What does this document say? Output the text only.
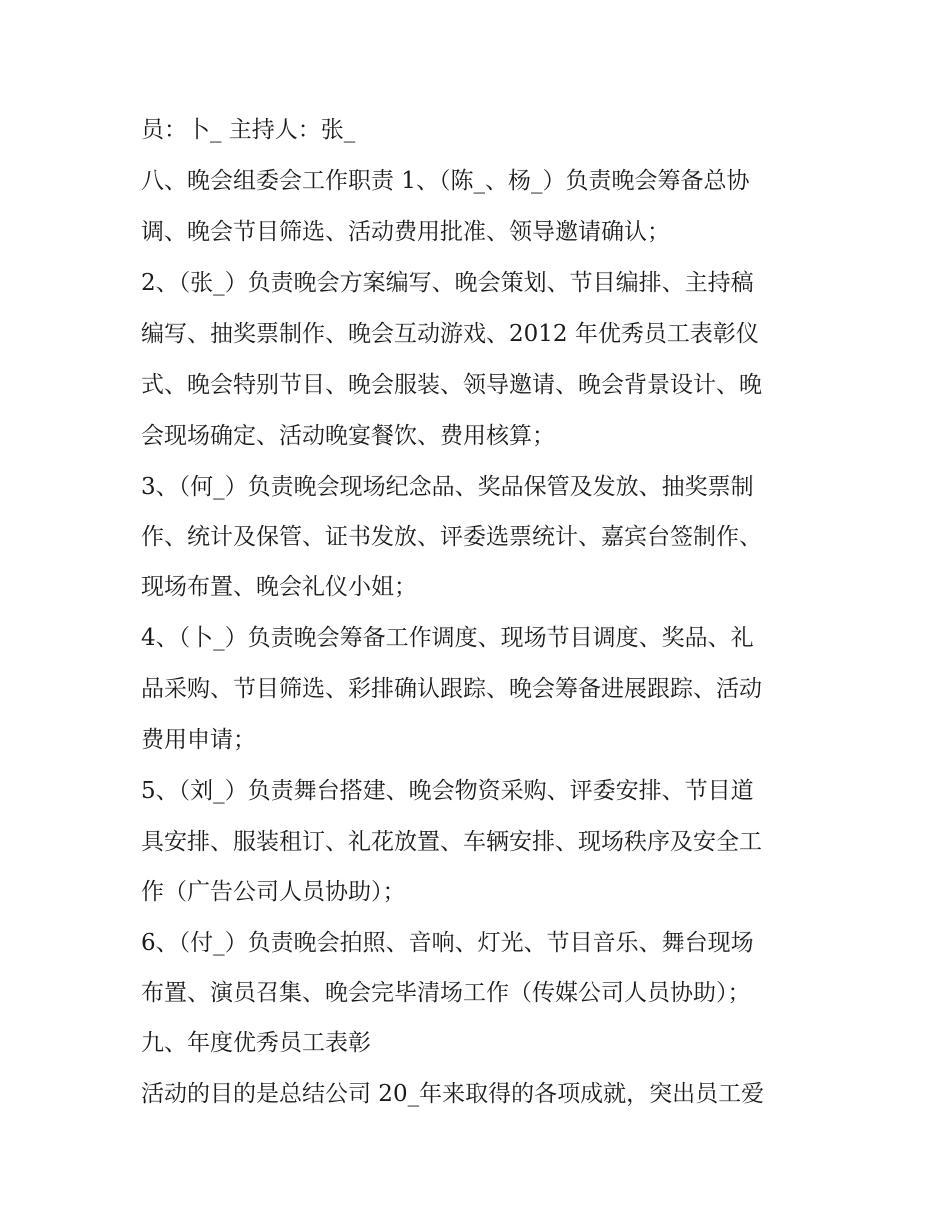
员：卜_ 主持人：张_
八、晚会组委会工作职责 1、（陈_、杨_）负责晚会筹备总协
调、晚会节目筛选、活动费用批准、领导邀请确认；
2、（张_）负责晚会方案编写、晚会策划、节目编排、主持稿
编写、抽奖票制作、晚会互动游戏、2012 年优秀员工表彰仪
式、晚会特别节目、晚会服装、领导邀请、晚会背景设计、晚
会现场确定、活动晚宴餐饮、费用核算；
3、（何_）负责晚会现场纪念品、奖品保管及发放、抽奖票制
作、统计及保管、证书发放、评委选票统计、嘉宾台签制作、
现场布置、晚会礼仪小姐；
4、（卜_）负责晚会筹备工作调度、现场节目调度、奖品、礼
品采购、节目筛选、彩排确认跟踪、晚会筹备进展跟踪、活动
费用申请；
5、（刘_）负责舞台搭建、晚会物资采购、评委安排、节目道
具安排、服装租订、礼花放置、车辆安排、现场秩序及安全工
作（广告公司人员协助）；
6、（付_）负责晚会拍照、音响、灯光、节目音乐、舞台现场
布置、演员召集、晚会完毕清场工作（传媒公司人员协助）；
九、年度优秀员工表彰
活动的目的是总结公司 20_年来取得的各项成就，突出员工爱
